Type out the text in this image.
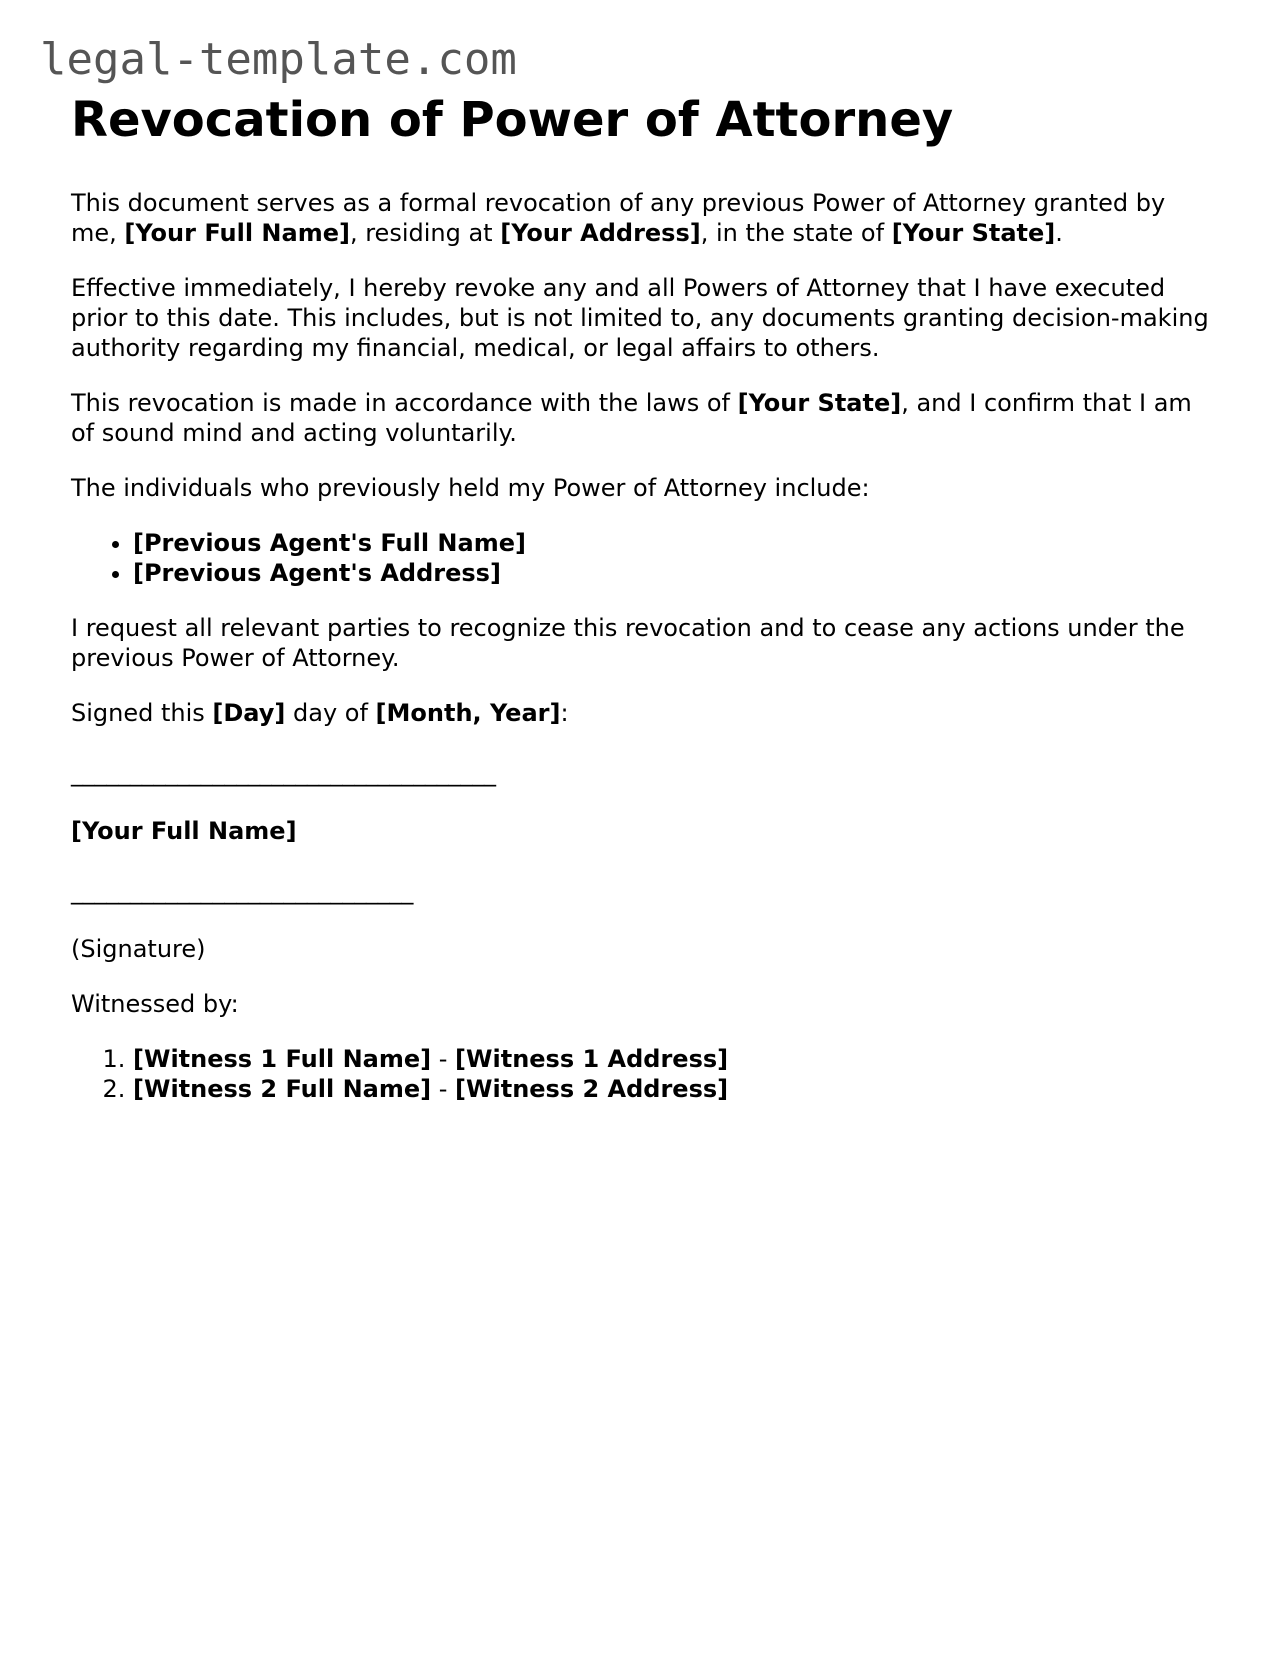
legal-template.com
Revocation of Power of Attorney

This document serves as a formal revocation of any previous Power of Attorney granted by me, [Your Full Name], residing at [Your Address], in the state of [Your State].

Effective immediately, I hereby revoke any and all Powers of Attorney that I have executed prior to this date. This includes, but is not limited to, any documents granting decision-making authority regarding my financial, medical, or legal affairs to others.

This revocation is made in accordance with the laws of [Your State], and I confirm that I am of sound mind and acting voluntarily.

The individuals who previously held my Power of Attorney include:

• [Previous Agent's Full Name]
• [Previous Agent's Address]

I request all relevant parties to recognize this revocation and to cease any actions under the previous Power of Attorney.

Signed this [Day] day of [Month, Year]:

____________________________________

[Your Full Name]

_____________________________

(Signature)

Witnessed by:

1. [Witness 1 Full Name] - [Witness 1 Address]
2. [Witness 2 Full Name] - [Witness 2 Address]
